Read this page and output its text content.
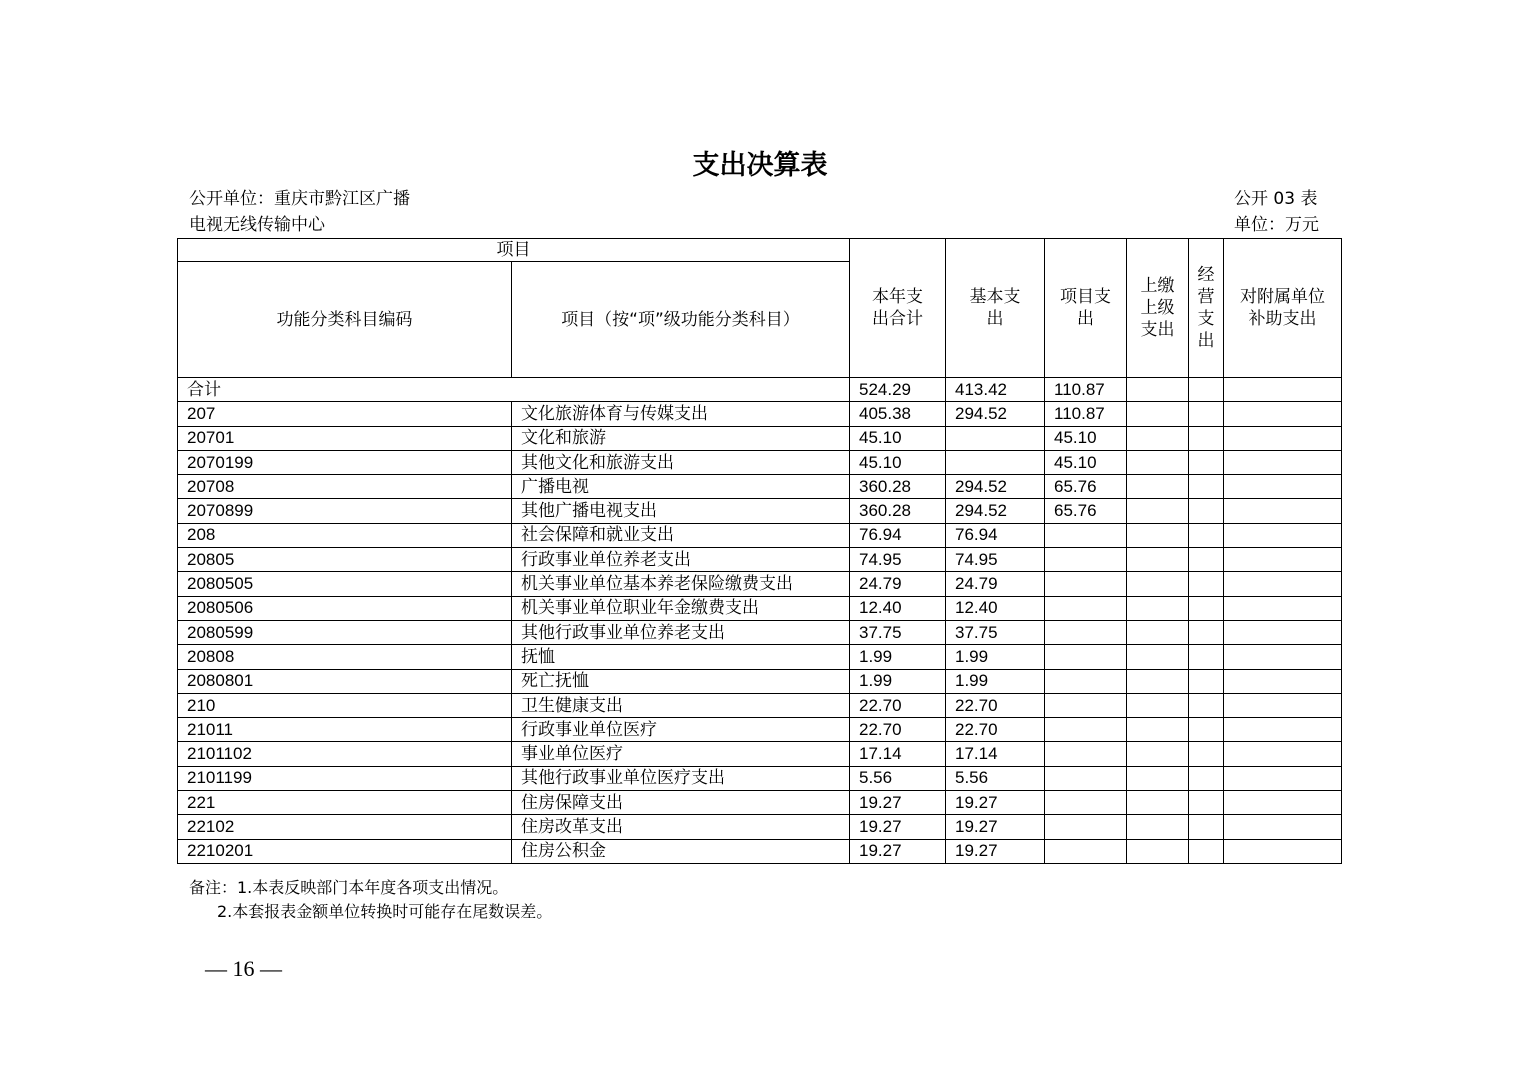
支出决算表
公开单位：重庆市黔江区广播
电视无线传输中心
公开 03 表
单位：万元
项目		本年支出合计	基本支出	项目支出	上缴上级支出	经营支出	对附属单位补助支出

功能分类科目编码	项目（按“项”级功能分类科目）						
合计		524.29	413.42	110.87			
207	文化旅游体育与传媒支出	405.38	294.52	110.87			
20701	文化和旅游	45.10		45.10			
2070199	其他文化和旅游支出	45.10		45.10			
20708	广播电视	360.28	294.52	65.76			
2070899	其他广播电视支出	360.28	294.52	65.76			
208	社会保障和就业支出	76.94	76.94				
20805	行政事业单位养老支出	74.95	74.95				
2080505	机关事业单位基本养老保险缴费支出	24.79	24.79				
2080506	机关事业单位职业年金缴费支出	12.40	12.40				
2080599	其他行政事业单位养老支出	37.75	37.75				
20808	抚恤	1.99	1.99				
2080801	死亡抚恤	1.99	1.99				
210	卫生健康支出	22.70	22.70				
21011	行政事业单位医疗	22.70	22.70				
2101102	事业单位医疗	17.14	17.14				
2101199	其他行政事业单位医疗支出	5.56	5.56				
221	住房保障支出	19.27	19.27				
22102	住房改革支出	19.27	19.27				
2210201	住房公积金	19.27	19.27				
备注：1.本表反映部门本年度各项支出情况。
2.本套报表金额单位转换时可能存在尾数误差。
— 16 —
